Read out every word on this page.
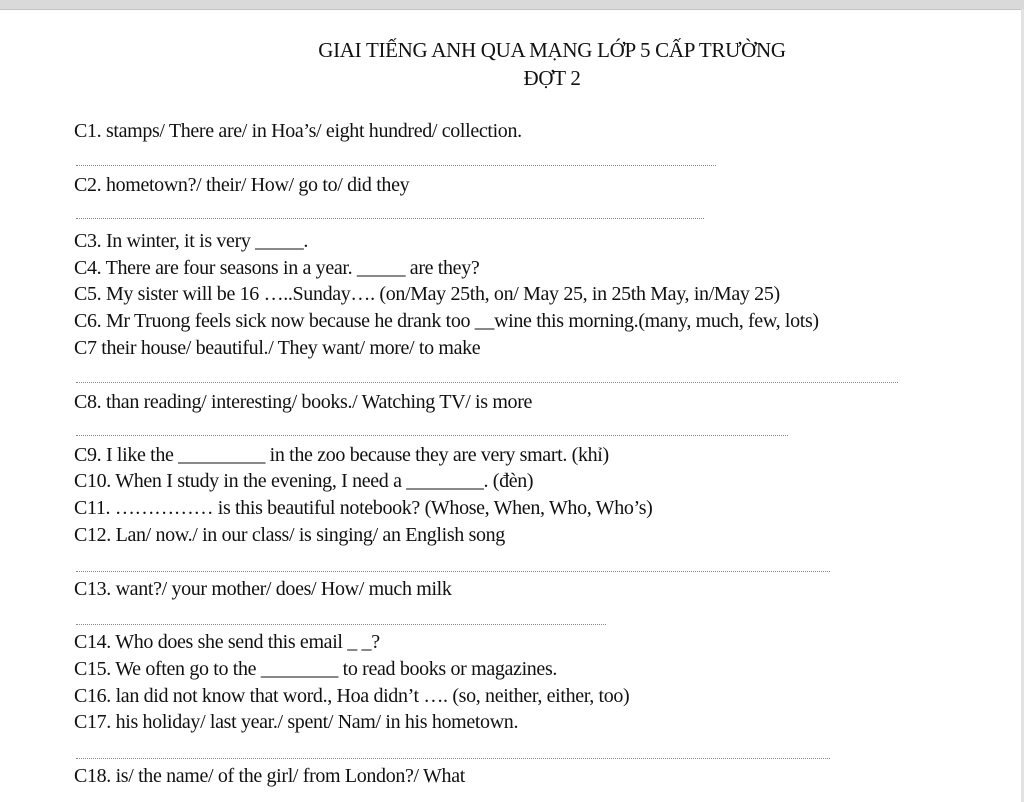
GIAI TIẾNG ANH QUA MẠNG LỚP 5 CẤP TRƯỜNG
ĐỢT 2
C1. stamps/ There are/ in Hoa’s/ eight hundred/ collection.
C2. hometown?/ their/ How/ go to/ did they
C3. In winter, it is very _____.
C4. There are four seasons in a year. _____ are they?
C5. My sister will be 16 …..Sunday…. (on/May 25th, on/ May 25, in 25th May, in/May 25)
C6. Mr Truong feels sick now because he drank too __wine this morning.(many, much, few, lots)
C7 their house/ beautiful./ They want/ more/ to make
C8. than reading/ interesting/ books./ Watching TV/ is more
C9. I like the _________ in the zoo because they are very smart. (khỉ)
C10. When I study in the evening, I need a ________. (đèn)
C11. …………… is this beautiful notebook? (Whose, When, Who, Who’s)
C12. Lan/ now./ in our class/ is singing/ an English song
C13. want?/ your mother/ does/ How/ much milk
C14. Who does she send this email _ _?
C15. We often go to the ________ to read books or magazines.
C16. lan did not know that word., Hoa didn’t …. (so, neither, either, too)
C17. his holiday/ last year./ spent/ Nam/ in his hometown.
C18. is/ the name/ of the girl/ from London?/ What
